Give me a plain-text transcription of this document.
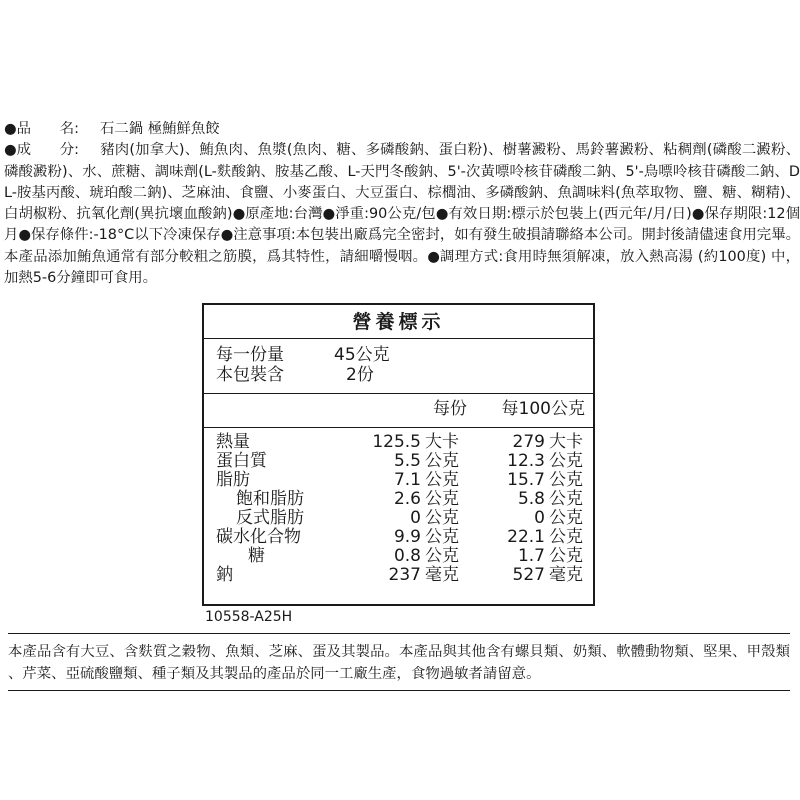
●品　　名: 石二鍋 極鮪鮮魚餃
●成　　分: 豬肉(加拿大)、鮪魚肉、魚漿(魚肉、糖、多磷酸鈉、蛋白粉)、樹薯澱粉、馬鈴薯澱粉、粘稠劑(磷酸二澱粉、磷酸澱粉)、水、蔗糖、調味劑(L-麩酸鈉、胺基乙酸、L-天門冬酸鈉、5'-次黃嘌呤核苷磷酸二鈉、5'-鳥嘌呤核苷磷酸二鈉、DL-胺基丙酸、琥珀酸二鈉)、芝麻油、食鹽、小麥蛋白、大豆蛋白、棕櫚油、多磷酸鈉、魚調味料(魚萃取物、鹽、糖、糊精)、白胡椒粉、抗氧化劑(異抗壞血酸鈉)●原產地:台灣●淨重:90公克/包●有效日期:標示於包裝上(西元年/月/日)●保存期限:12個月●保存條件:-18°C以下冷凍保存●注意事項:本包裝出廠爲完全密封，如有發生破損請聯絡本公司。開封後請儘速食用完畢。本產品添加鮪魚通常有部分較粗之筋膜，爲其特性，請細嚼慢咽。●調理方式:食用時無須解凍，放入熱高湯 (約100度) 中，加熱5-6分鐘即可食用。
營養標示
每一份量	45公克
本包裝含	2份
每份 每100公克
熱量	125.5 大卡	279 大卡
蛋白質	5.5 公克	12.3 公克
脂肪	7.1 公克	15.7 公克
飽和脂肪	2.6 公克	5.8 公克
反式脂肪	0 公克	0 公克
碳水化合物	9.9 公克	22.1 公克
糖	0.8 公克	1.7 公克
鈉	237 毫克	527 毫克
10558-A25H
本產品含有大豆、含麩質之穀物、魚類、芝麻、蛋及其製品。本產品與其他含有螺貝類、奶類、軟體動物類、堅果、甲殼類、芹菜、亞硫酸鹽類、種子類及其製品的產品於同一工廠生產，食物過敏者請留意。
